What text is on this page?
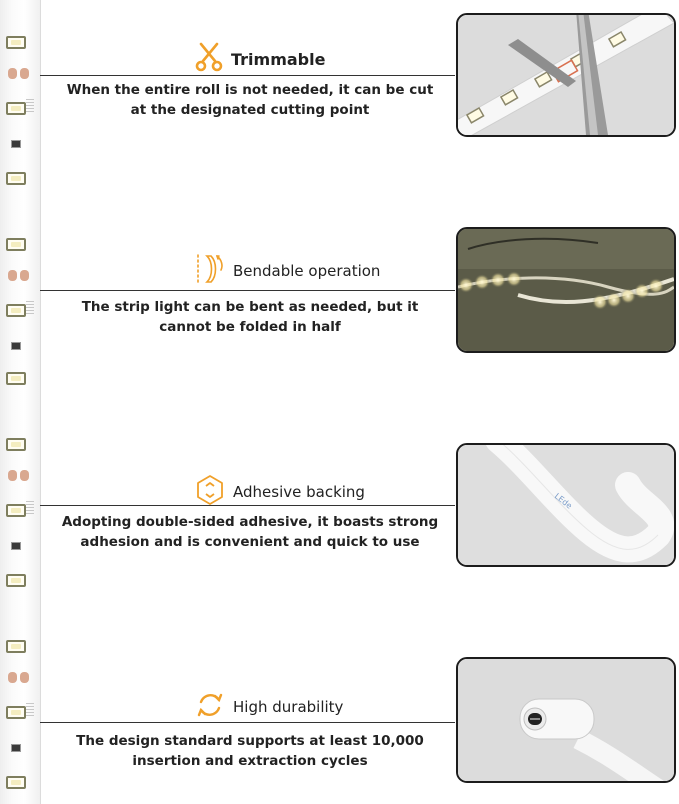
Trimmable
When the entire roll is not needed, it can be cut
at the designated cutting point
Bendable operation
The strip light can be bent as needed, but it
cannot be folded in half
Adhesive backing
Adopting double-sided adhesive, it boasts strong
adhesion and is convenient and quick to use
High durability
The design standard supports at least 10,000
insertion and extraction cycles
LEde
